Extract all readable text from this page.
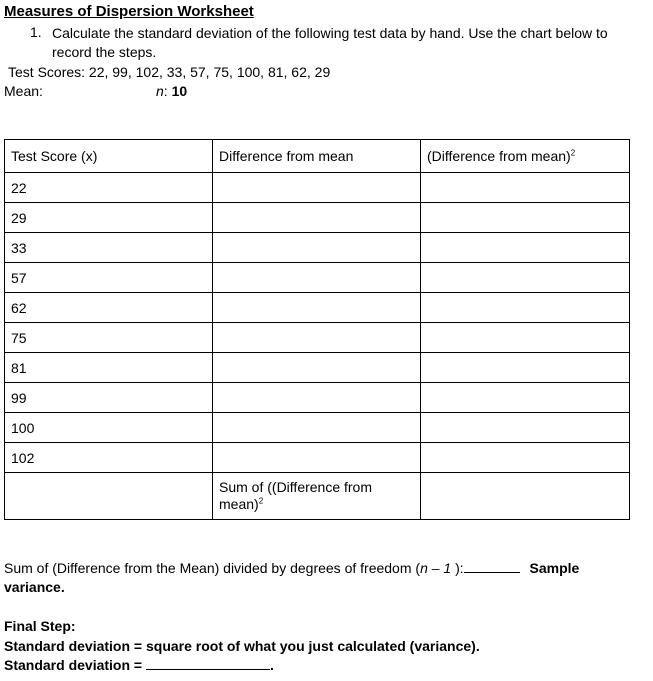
Measures of Dispersion Worksheet
1. Calculate the standard deviation of the following test data by hand. Use the chart below to record the steps.
Test Scores: 22, 99, 102, 33, 57, 75, 100, 81, 62, 29
Mean:	n: 10
Test Score (x)	Difference from mean	(Difference from mean)$^2$
22		
29		
33		
57		
62		
75		
81		
99		
100		
102		
	Sum of ((Difference from mean)$^2$	
Sum of (Difference from the Mean) divided by degrees of freedom (n – 1 ):	Sample
variance.
Final Step:
Standard deviation = square root of what you just calculated (variance).
Standard deviation =	.
